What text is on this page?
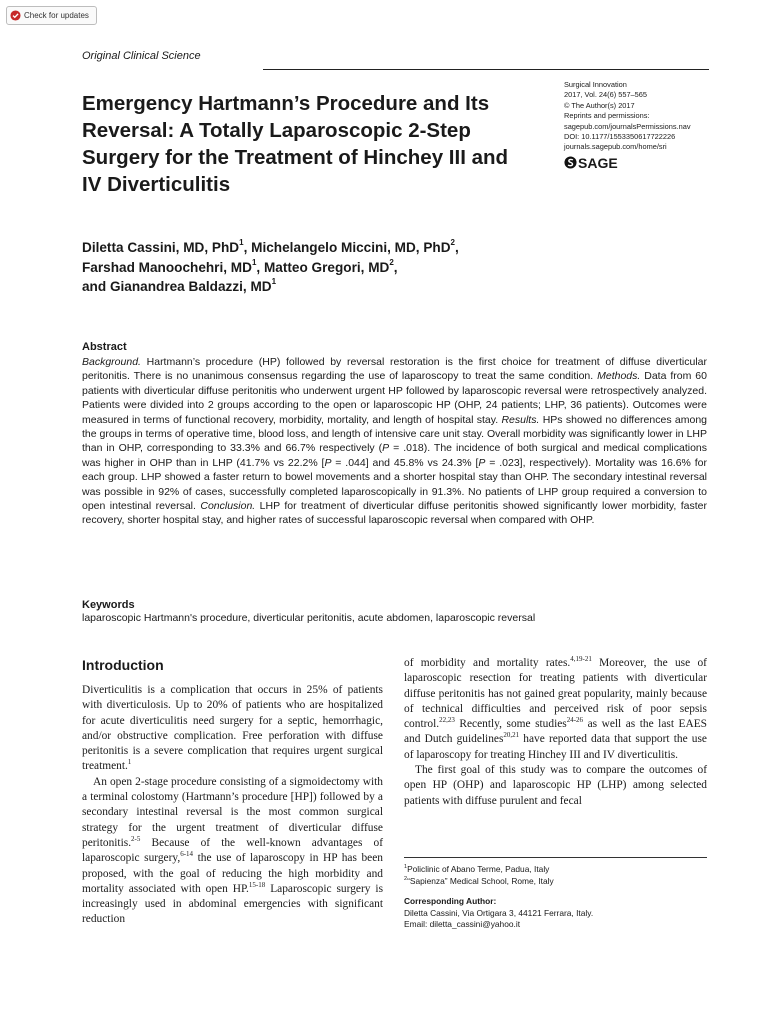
Check for updates
Original Clinical Science
Emergency Hartmann’s Procedure and Its Reversal: A Totally Laparoscopic 2-Step Surgery for the Treatment of Hinchey III and IV Diverticulitis
Surgical Innovation
2017, Vol. 24(6) 557–565
© The Author(s) 2017
Reprints and permissions:
sagepub.com/journalsPermissions.nav
DOI: 10.1177/1553350617722226
journals.sagepub.com/home/sri
SAGE
Diletta Cassini, MD, PhD$^1$, Michelangelo Miccini, MD, PhD$^2$,
Farshad Manoochehri, $MD^1$, Matteo Gregori, $MD^2$,
and Gianandrea Baldazzi, $MD^1$
Abstract

Background. Hartmann’s procedure (HP) followed by reversal restoration is the first choice for treatment of diffuse diverticular peritonitis. There is no unanimous consensus regarding the use of laparoscopy to treat the same condition. Methods. Data from 60 patients with diverticular diffuse peritonitis who underwent urgent HP followed by laparoscopic reversal were retrospectively analyzed. Patients were divided into 2 groups according to the open or laparoscopic HP (OHP, 24 patients; LHP, 36 patients). Outcomes were measured in terms of functional recovery, morbidity, mortality, and length of hospital stay. Results. HPs showed no differences among the groups in terms of operative time, blood loss, and length of intensive care unit stay. Overall morbidity was significantly lower in LHP than in OHP, corresponding to 33.3% and 66.7% respectively (P = .018). The incidence of both surgical and medical complications was higher in OHP than in LHP (41.7% vs 22.2% [P = .044] and 45.8% vs 24.3% [P = .023], respectively). Mortality was 16.6% for each group. LHP showed a faster return to bowel movements and a shorter hospital stay than OHP. The secondary intestinal reversal was possible in 92% of cases, successfully completed laparoscopically in 91.3%. No patients of LHP group required a conversion to open intestinal reversal. Conclusion. LHP for treatment of diverticular diffuse peritonitis showed significantly lower morbidity, faster recovery, shorter hospital stay, and higher rates of successful laparoscopic reversal when compared with OHP.

Keywords

laparoscopic Hartmann's procedure, diverticular peritonitis, acute abdomen, laparoscopic reversal

Introduction

Diverticulitis is a complication that occurs in 25% of patients with diverticulosis. Up to 20% of patients who are hospitalized for acute diverticulitis need surgery for a septic, hemorrhagic, and/or obstructive complication. Free perforation with diffuse peritonitis is a severe complication that requires urgent surgical treatment.$^1$

An open 2-stage procedure consisting of a sigmoidectomy with a terminal colostomy (Hartmann’s procedure [HP]) followed by a secondary intestinal reversal is the most common surgical strategy for the urgent treatment of diverticular diffuse peritonitis.$^{2-5}$ Because of the well-known advantages of laparoscopic surgery,$^{6-14}$ the use of laparoscopy in HP has been proposed, with the goal of reducing the high morbidity and mortality associated with open HP.$^{15-18}$ Laparoscopic surgery is increasingly used in abdominal emergencies with significant reduction

of morbidity and mortality rates.$^{4,19-21}$ Moreover, the use of laparoscopic resection for treating patients with diverticular diffuse peritonitis has not gained great popularity, mainly because of technical difficulties and perceived risk of poor sepsis control.$^{22,23}$ Recently, some studies$^{24-26}$ as well as the last EAES and Dutch guidelines$^{20,21}$ have reported data that support the use of laparoscopy for treating Hinchey III and IV diverticulitis.

The first goal of this study was to compare the outcomes of open HP (OHP) and laparoscopic HP (LHP) among selected patients with diffuse purulent and fecal

$^1$Policlinic of Abano Terme, Padua, Italy
$^2$“Sapienza” Medical School, Rome, Italy
Corresponding Author:
Diletta Cassini, Via Ortigara 3, 44121 Ferrara, Italy.
Email: diletta_cassini@yahoo.it
